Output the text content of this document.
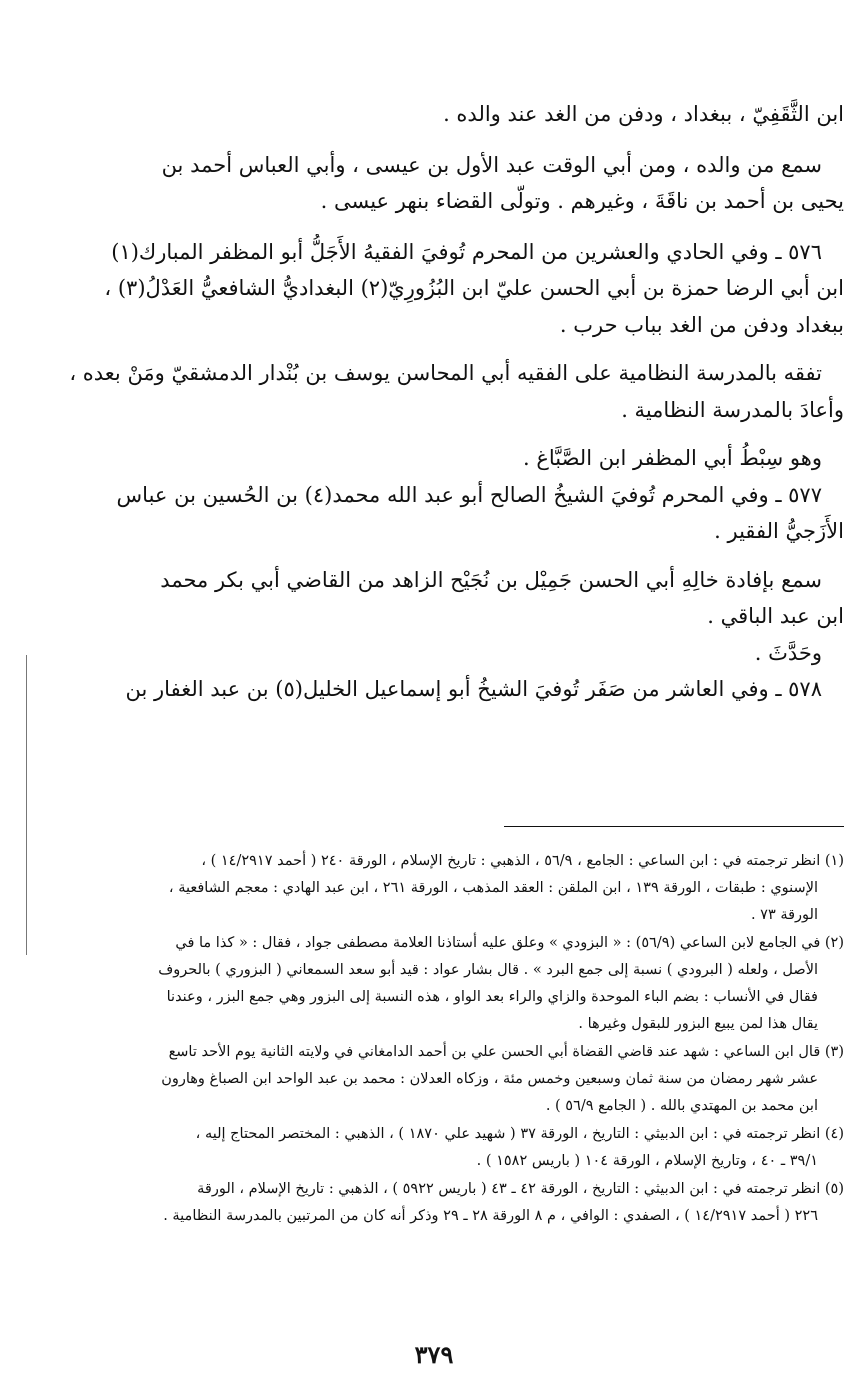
ابن الثَّقَفِيّ ، ببغداد ، ودفن من الغد عند والده .
سمع من والده ، ومن أبي الوقت عبد الأول بن عيسى ، وأبي العباس أحمد بن
يحيى بن أحمد بن ناقَةَ ، وغيرهم . وتولّى القضاء بنهر عيسى .
٥٧٦ ـ وفي الحادي والعشرين من المحرم تُوفيَ الفقيهُ الأَجَلُّ أبو المظفر المبارك(١)
ابن أبي الرضا حمزة بن أبي الحسن عليّ ابن البُزُورِيّ(٢) البغداديُّ الشافعيُّ العَدْلُ(٣) ،
ببغداد ودفن من الغد بباب حرب .
تفقه بالمدرسة النظامية على الفقيه أبي المحاسن يوسف بن بُنْدار الدمشقيّ ومَنْ بعده ،
وأعادَ بالمدرسة النظامية .
وهو سِبْطُ أبي المظفر ابن الصَّبَّاغ .
٥٧٧ ـ وفي المحرم تُوفيَ الشيخُ الصالح أبو عبد الله محمد(٤) بن الحُسين بن عباس
الأَزَجيُّ الفقير .
سمع بإفادة خالِهِ أبي الحسن جَمِيْل بن نُجَيْح الزاهد من القاضي أبي بكر محمد
ابن عبد الباقي .
وحَدَّثَ .
٥٧٨ ـ وفي العاشر من صَفَر تُوفيَ الشيخُ أبو إسماعيل الخليل(٥) بن عبد الغفار بن
(١) انظر ترجمته في : ابن الساعي : الجامع ، ٥٦/٩ ، الذهبي : تاريخ الإسلام ، الورقة ٢٤٠ ( أحمد ١٤/٢٩١٧ ) ،
الإسنوي : طبقات ، الورقة ١٣٩ ، ابن الملقن : العقد المذهب ، الورقة ٢٦١ ، ابن عبد الهادي : معجم الشافعية ،
الورقة ٧٣ .
(٢) في الجامع لابن الساعي (٥٦/٩) : « البزودي » وعلق عليه أستاذنا العلامة مصطفى جواد ، فقال : « كذا ما في
الأصل ، ولعله ( البرودي ) نسبة إلى جمع البرد » . قال بشار عواد : قيد أبو سعد السمعاني ( البزوري ) بالحروف
فقال في الأنساب : بضم الباء الموحدة والزاي والراء بعد الواو ، هذه النسبة إلى البزور وهي جمع البزر ، وعندنا
يقال هذا لمن يبيع البزور للبقول وغيرها .
(٣) قال ابن الساعي : شهد عند قاضي القضاة أبي الحسن علي بن أحمد الدامغاني في ولايته الثانية يوم الأحد تاسع
عشر شهر رمضان من سنة ثمان وسبعين وخمس مئة ، وزكاه العدلان : محمد بن عبد الواحد ابن الصباغ وهارون
ابن محمد بن المهتدي بالله . ( الجامع ٥٦/٩ ) .
(٤) انظر ترجمته في : ابن الدبيثي : التاريخ ، الورقة ٣٧ ( شهيد علي ١٨٧٠ ) ، الذهبي : المختصر المحتاج إليه ،
٣٩/١ ـ ٤٠ ، وتاريخ الإسلام ، الورقة ١٠٤ ( باريس ١٥٨٢ ) .
(٥) انظر ترجمته في : ابن الدبيثي : التاريخ ، الورقة ٤٢ ـ ٤٣ ( باريس ٥٩٢٢ ) ، الذهبي : تاريخ الإسلام ، الورقة
٢٢٦ ( أحمد ١٤/٢٩١٧ ) ، الصفدي : الوافي ، م ٨ الورقة ٢٨ ـ ٢٩ وذكر أنه كان من المرتبين بالمدرسة النظامية .
٣٧٩
